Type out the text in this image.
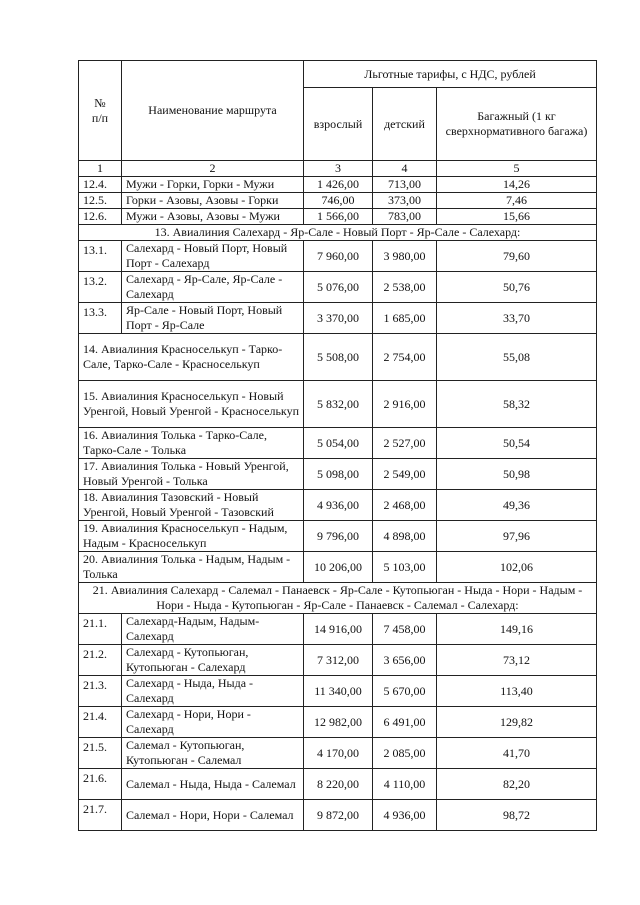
№
п/п	Наименование маршрута	Льготные тарифы, с НДС, рублей		
		взрослый	детский	Багажный (1 кг сверхнормативного багажа)
1	2	3	4	5
12.4.	Мужи - Горки, Горки - Мужи	1 426,00	713,00	14,26
12.5.	Горки - Азовы, Азовы - Горки	746,00	373,00	7,46
12.6.	Мужи - Азовы, Азовы - Мужи	1 566,00	783,00	15,66
13. Авиалиния Салехард - Яр-Сале - Новый Порт - Яр-Сале - Салехард:				
13.1.	Салехард - Новый Порт, Новый Порт - Салехард	7 960,00	3 980,00	79,60
13.2.	Салехард - Яр-Сале, Яр-Сале - Салехард	5 076,00	2 538,00	50,76
13.3.	Яр-Сале - Новый Порт, Новый Порт - Яр-Сале	3 370,00	1 685,00	33,70
14. Авиалиния Красноселькуп - Тарко-Сале, Тарко-Сале - Красноселькуп		5 508,00	2 754,00	55,08
15. Авиалиния Красноселькуп - Новый Уренгой, Новый Уренгой - Красноселькуп		5 832,00	2 916,00	58,32
16. Авиалиния Толька - Тарко-Сале, Тарко-Сале - Толька		5 054,00	2 527,00	50,54
17. Авиалиния Толька - Новый Уренгой, Новый Уренгой - Толька		5 098,00	2 549,00	50,98
18. Авиалиния Тазовский - Новый Уренгой, Новый Уренгой - Тазовский		4 936,00	2 468,00	49,36
19. Авиалиния Красноселькуп - Надым, Надым - Красноселькуп		9 796,00	4 898,00	97,96
20. Авиалиния Толька - Надым, Надым - Толька		10 206,00	5 103,00	102,06
21. Авиалиния Салехард - Салемал - Панаевск - Яр-Сале - Кутопьюган - Ныда - Нори - Надым - Нори - Ныда - Кутопьюган - Яр-Сале - Панаевск - Салемал - Салехард:				
21.1.	Салехард-Надым, Надым-Салехард	14 916,00	7 458,00	149,16
21.2.	Салехард - Кутопьюган, Кутопьюган - Салехард	7 312,00	3 656,00	73,12
21.3.	Салехард - Ныда, Ныда - Салехард	11 340,00	5 670,00	113,40
21.4.	Салехард - Нори, Нори - Салехард	12 982,00	6 491,00	129,82
21.5.	Салемал - Кутопьюган, Кутопьюган - Салемал	4 170,00	2 085,00	41,70
21.6.	Салемал - Ныда, Ныда - Салемал	8 220,00	4 110,00	82,20
21.7.	Салемал - Нори, Нори - Салемал	9 872,00	4 936,00	98,72
